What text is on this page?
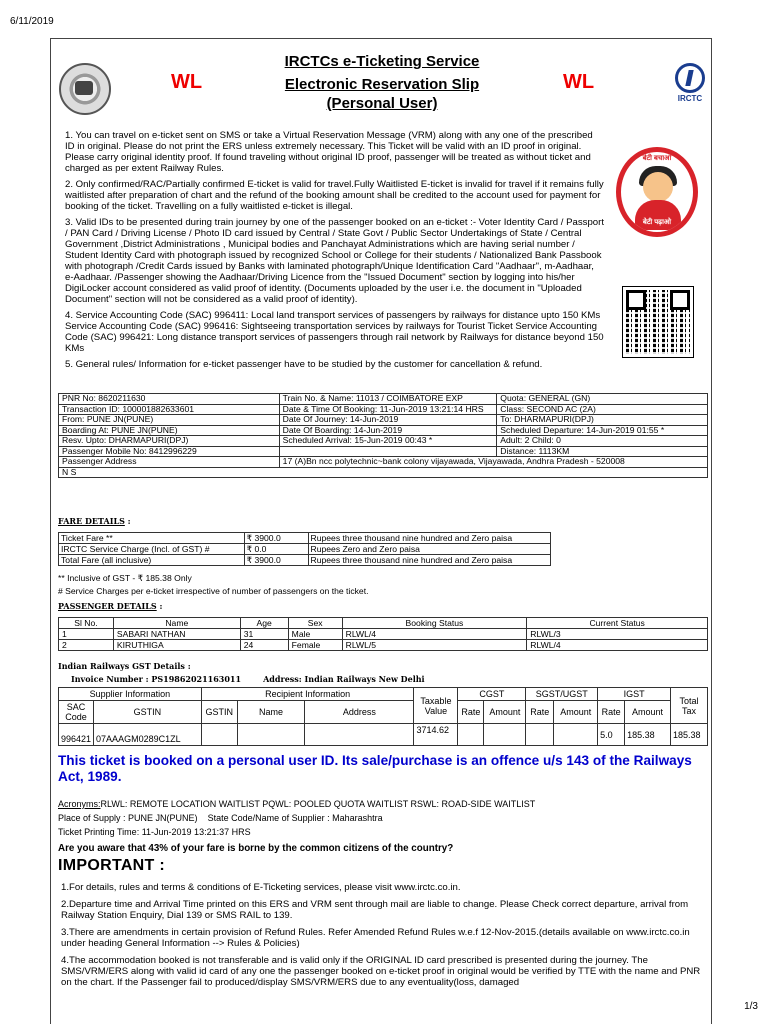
6/11/2019
1/3
WL	WL
IRCTCs e-Ticketing Service
Electronic Reservation Slip
(Personal User)	IRCTC

1. You can travel on e-ticket sent on SMS or take a Virtual Reservation Message (VRM) along with any one of the prescribed ID in original. Please do not print the ERS unless extremely necessary. This Ticket will be valid with an ID proof in original. Please carry original identity proof. If found traveling without original ID proof, passenger will be treated as without ticket and charged as per extent Railway Rules.

2. Only confirmed/RAC/Partially confirmed E-ticket is valid for travel.Fully Waitlisted E-ticket is invalid for travel if it remains fully waitlisted after preparation of chart and the refund of the booking amount shall be credited to the account used for payment for booking of the ticket. Travelling on a fully waitlisted e-ticket is illegal.

3. Valid IDs to be presented during train journey by one of the passenger booked on an e-ticket :- Voter Identity Card / Passport / PAN Card / Driving License / Photo ID card issued by Central / State Govt / Public Sector Undertakings of State / Central Government ,District Administrations , Municipal bodies and Panchayat Administrations which are having serial number / Student Identity Card with photograph issued by recognized School or College for their students / Nationalized Bank Passbook with photograph /Credit Cards issued by Banks with laminated photograph/Unique Identification Card "Aadhaar", m-Aadhaar, e-Aadhaar. /Passenger showing the Aadhaar/Driving Licence from the "Issued Document" section by logging into his/her DigiLocker account considered as valid proof of identity. (Documents uploaded by the user i.e. the document in "Uploaded Document" section will not be considered as a valid proof of identity).

4. Service Accounting Code (SAC) 996411: Local land transport services of passengers by railways for distance upto 150 KMs Service Accounting Code (SAC) 996416: Sightseeing transportation services by railways for Tourist Ticket Service Accounting Code (SAC) 996421: Long distance transport services of passengers through rail network by Railways for distance beyond 150 KMs

5. General rules/ Information for e-ticket passenger have to be studied by the customer for cancellation & refund.

बेटी बचाओ
बेटी पढ़ाओ
PNR No: 8620211630	Train No. & Name: 11013 / COIMBATORE EXP	Quota: GENERAL (GN)
Transaction ID: 100001882633601	Date & Time Of Booking: 11-Jun-2019 13:21:14 HRS	Class: SECOND AC (2A)
From: PUNE JN(PUNE)	Date Of Journey: 14-Jun-2019	To: DHARMAPURI(DPJ)
Boarding At: PUNE JN(PUNE)	Date Of Boarding: 14-Jun-2019	Scheduled Departure: 14-Jun-2019 01:55 *
Resv. Upto: DHARMAPURI(DPJ)	Scheduled Arrival: 15-Jun-2019 00:43 *	Adult: 2 Child: 0
Passenger Mobile No: 8412996229		Distance: 1113KM
Passenger Address	17 (A)Bn ncc polytechnic~bank colony vijayawada, Vijayawada, Andhra Pradesh - 520008	
N S		
FARE DETAILS :
Ticket Fare **	₹ 3900.0	Rupees three thousand nine hundred and Zero paisa
IRCTC Service Charge (Incl. of GST) #	₹ 0.0	Rupees Zero and Zero paisa
Total Fare (all inclusive)	₹ 3900.0	Rupees three thousand nine hundred and Zero paisa
** Inclusive of GST - ₹ 185.38 Only
# Service Charges per e-ticket irrespective of number of passengers on the ticket.
PASSENGER DETAILS :
Sl No.	Name	Age	Sex	Booking Status	Current Status
1	SABARI NATHAN	31	Male	RLWL/4	RLWL/3
2	KIRUTHIGA	24	Female	RLWL/5	RLWL/4
Indian Railways GST Details :
Invoice Number : PS19862021163011	Address: Indian Railways New Delhi
Supplier Information		Recipient Information			Taxable Value	CGST		SGST/UGST		IGST		Total Tax
SAC Code	GSTIN	GSTIN	Name	Address		Rate	Amount	Rate	Amount	Rate	Amount	
996421	07AAAGM0289C1ZL				3714.62					5.0	185.38	185.38
This ticket is booked on a personal user ID. Its sale/purchase is an offence u/s 143 of the Railways Act, 1989.
Acronyms:RLWL: REMOTE LOCATION WAITLIST PQWL: POOLED QUOTA WAITLIST RSWL: ROAD-SIDE WAITLIST
Place of Supply : PUNE JN(PUNE) State Code/Name of Supplier : Maharashtra
Ticket Printing Time: 11-Jun-2019 13:21:37 HRS
Are you aware that 43% of your fare is borne by the common citizens of the country?
IMPORTANT :

1.For details, rules and terms & conditions of E-Ticketing services, please visit www.irctc.co.in.

2.Departure time and Arrival Time printed on this ERS and VRM sent through mail are liable to change. Please Check correct departure, arrival from Railway Station Enquiry, Dial 139 or SMS RAIL to 139.

3.There are amendments in certain provision of Refund Rules. Refer Amended Refund Rules w.e.f 12-Nov-2015.(details available on www.irctc.co.in under heading General Information --> Rules & Policies)

4.The accommodation booked is not transferable and is valid only if the ORIGINAL ID card prescribed is presented during the journey. The SMS/VRM/ERS along with valid id card of any one the passenger booked on e-ticket proof in original would be verified by TTE with the name and PNR on the chart. If the Passenger fail to produced/display SMS/VRM/ERS due to any eventuality(loss, damaged
